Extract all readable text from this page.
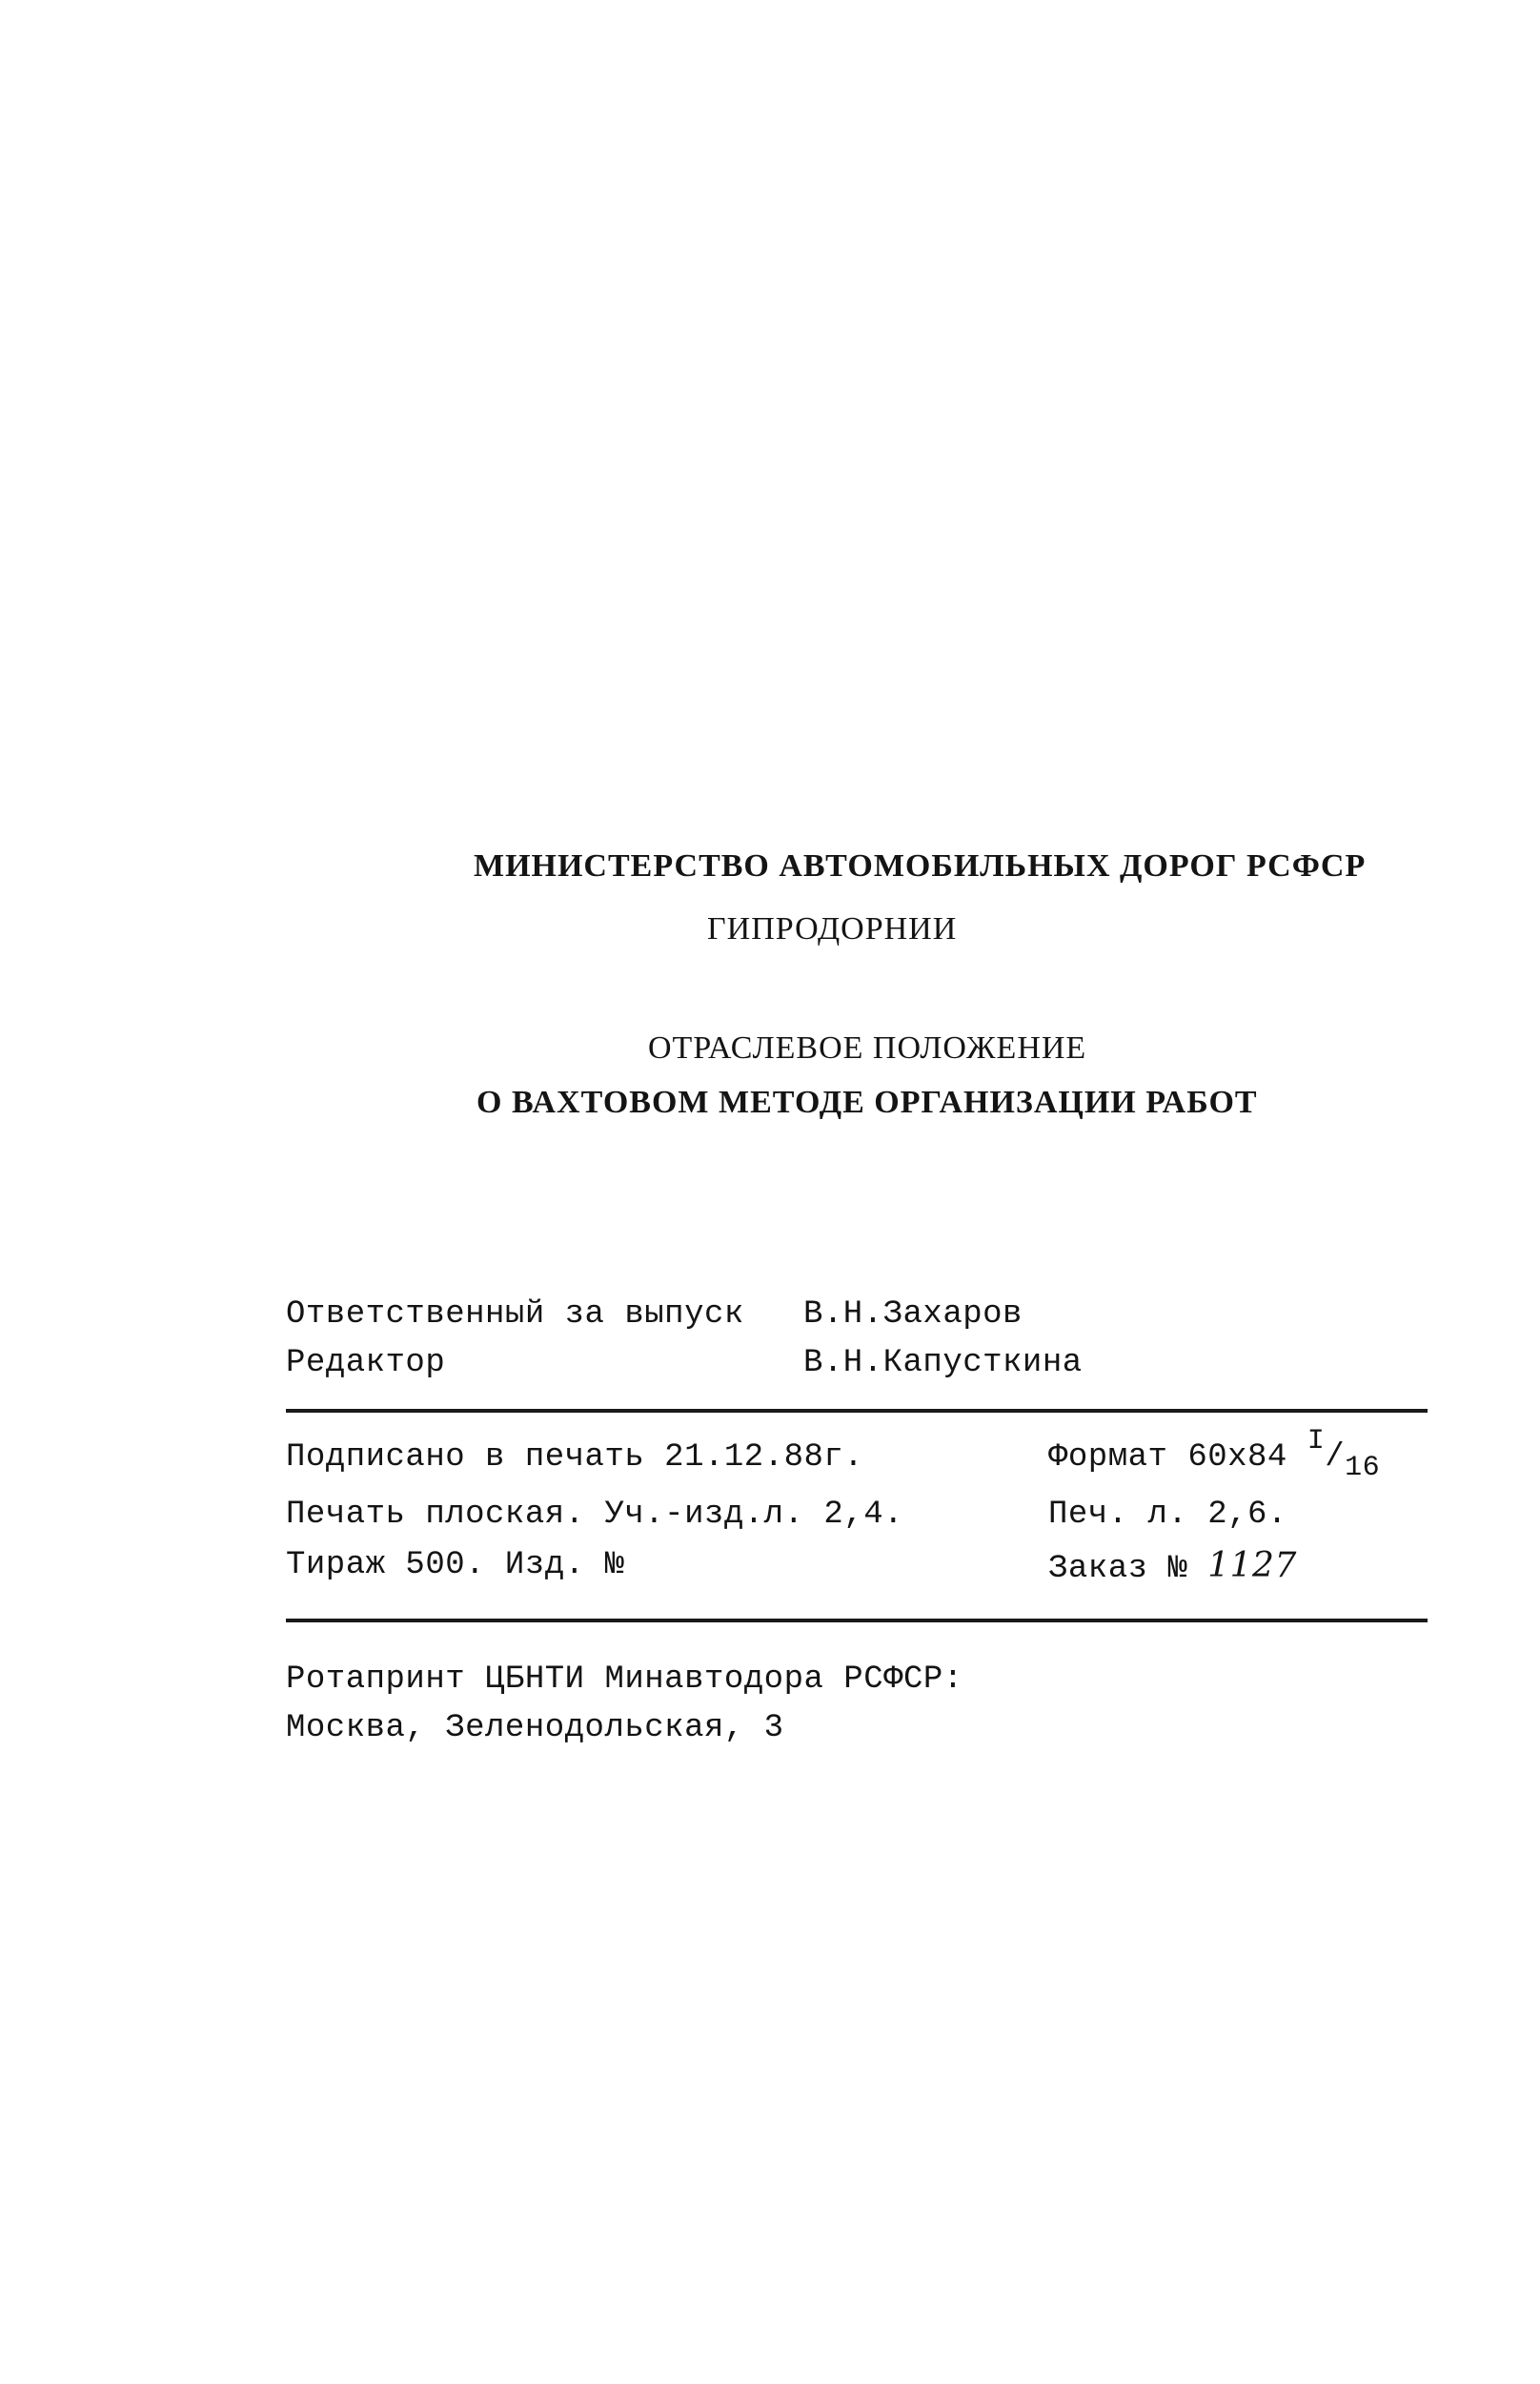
МИНИСТЕРСТВО АВТОМОБИЛЬНЫХ ДОРОГ РСФСР
ГИПРОДОРНИИ
ОТРАСЛЕВОЕ ПОЛОЖЕНИЕ
О ВАХТОВОМ МЕТОДЕ ОРГАНИЗАЦИИ РАБОТ
Ответственный за выпуск В.Н.Захаров
Редактор	В.Н.Капусткина
Подписано в печать 21.12.88г.	Формат 60х84 I/16
Печать плоская. Уч.-изд.л. 2,4.	Печ. л. 2,6.
Тираж 500. Изд. №	Заказ № 1127
Ротапринт ЦБНТИ Минавтодора РСФСР:
Москва, Зеленодольская, 3
